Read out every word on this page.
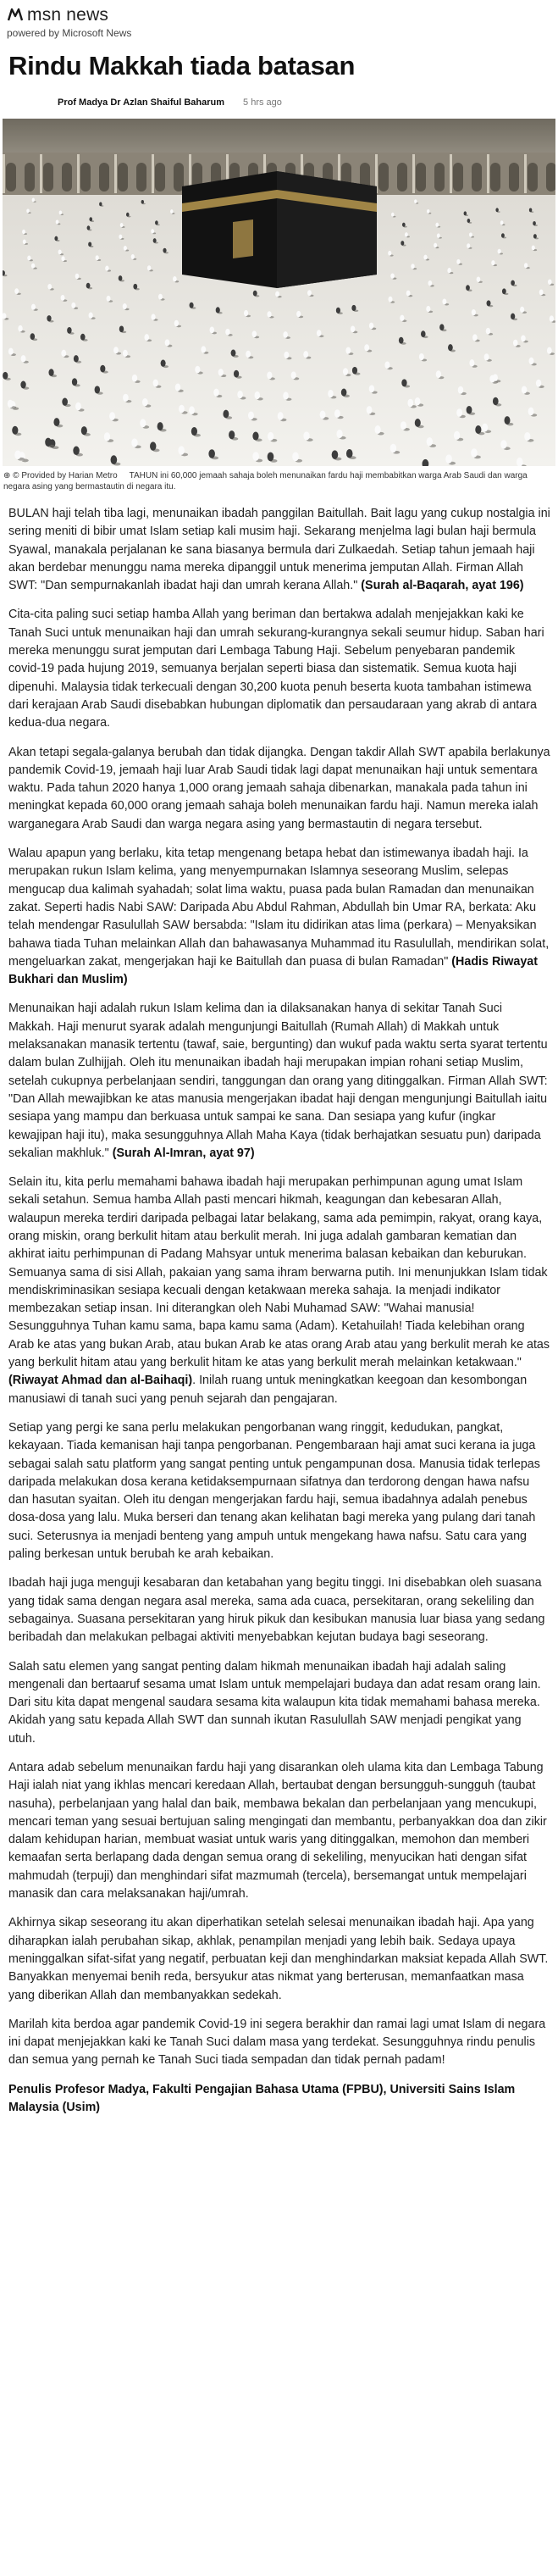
msn news
powered by Microsoft News
Rindu Makkah tiada batasan
Prof Madya Dr Azlan Shaiful Baharum 5 hrs ago
⊕ © Provided by Harian Metro TAHUN ini 60,000 jemaah sahaja boleh menunaikan fardu haji membabitkan warga Arab Saudi dan warga negara asing yang bermastautin di negara itu.

BULAN haji telah tiba lagi, menunaikan ibadah panggilan Baitullah. Bait lagu yang cukup nostalgia ini sering meniti di bibir umat Islam setiap kali musim haji. Sekarang menjelma lagi bulan haji bermula Syawal, manakala perjalanan ke sana biasanya bermula dari Zulkaedah. Setiap tahun jemaah haji akan berdebar menunggu nama mereka dipanggil untuk menerima jemputan Allah. Firman Allah SWT: "Dan sempurnakanlah ibadat haji dan umrah kerana Allah." (Surah al-Baqarah, ayat 196)

Cita-cita paling suci setiap hamba Allah yang beriman dan bertakwa adalah menjejakkan kaki ke Tanah Suci untuk menunaikan haji dan umrah sekurang-kurangnya sekali seumur hidup. Saban hari mereka menunggu surat jemputan dari Lembaga Tabung Haji. Sebelum penyebaran pandemik covid-19 pada hujung 2019, semuanya berjalan seperti biasa dan sistematik. Semua kuota haji dipenuhi. Malaysia tidak terkecuali dengan 30,200 kuota penuh beserta kuota tambahan istimewa dari kerajaan Arab Saudi disebabkan hubungan diplomatik dan persaudaraan yang akrab di antara kedua-dua negara.

Akan tetapi segala-galanya berubah dan tidak dijangka. Dengan takdir Allah SWT apabila berlakunya pandemik Covid-19, jemaah haji luar Arab Saudi tidak lagi dapat menunaikan haji untuk sementara waktu. Pada tahun 2020 hanya 1,000 orang jemaah sahaja dibenarkan, manakala pada tahun ini meningkat kepada 60,000 orang jemaah sahaja boleh menunaikan fardu haji. Namun mereka ialah warganegara Arab Saudi dan warga negara asing yang bermastautin di negara tersebut.

Walau apapun yang berlaku, kita tetap mengenang betapa hebat dan istimewanya ibadah haji. Ia merupakan rukun Islam kelima, yang menyempurnakan Islamnya seseorang Muslim, selepas mengucap dua kalimah syahadah; solat lima waktu, puasa pada bulan Ramadan dan menunaikan zakat. Seperti hadis Nabi SAW: Daripada Abu Abdul Rahman, Abdullah bin Umar RA, berkata: Aku telah mendengar Rasulullah SAW bersabda: "Islam itu didirikan atas lima (perkara) – Menyaksikan bahawa tiada Tuhan melainkan Allah dan bahawasanya Muhammad itu Rasulullah, mendirikan solat, mengeluarkan zakat, mengerjakan haji ke Baitullah dan puasa di bulan Ramadan" (Hadis Riwayat Bukhari dan Muslim)

Menunaikan haji adalah rukun Islam kelima dan ia dilaksanakan hanya di sekitar Tanah Suci Makkah. Haji menurut syarak adalah mengunjungi Baitullah (Rumah Allah) di Makkah untuk melaksanakan manasik tertentu (tawaf, saie, bergunting) dan wukuf pada waktu serta syarat tertentu dalam bulan Zulhijjah. Oleh itu menunaikan ibadah haji merupakan impian rohani setiap Muslim, setelah cukupnya perbelanjaan sendiri, tanggungan dan orang yang ditinggalkan. Firman Allah SWT: "Dan Allah mewajibkan ke atas manusia mengerjakan ibadat haji dengan mengunjungi Baitullah iaitu sesiapa yang mampu dan berkuasa untuk sampai ke sana. Dan sesiapa yang kufur (ingkar kewajipan haji itu), maka sesungguhnya Allah Maha Kaya (tidak berhajatkan sesuatu pun) daripada sekalian makhluk." (Surah Al-Imran, ayat 97)

Selain itu, kita perlu memahami bahawa ibadah haji merupakan perhimpunan agung umat Islam sekali setahun. Semua hamba Allah pasti mencari hikmah, keagungan dan kebesaran Allah, walaupun mereka terdiri daripada pelbagai latar belakang, sama ada pemimpin, rakyat, orang kaya, orang miskin, orang berkulit hitam atau berkulit merah. Ini juga adalah gambaran kematian dan akhirat iaitu perhimpunan di Padang Mahsyar untuk menerima balasan kebaikan dan keburukan. Semuanya sama di sisi Allah, pakaian yang sama ihram berwarna putih. Ini menunjukkan Islam tidak mendiskriminasikan sesiapa kecuali dengan ketakwaan mereka sahaja. Ia menjadi indikator membezakan setiap insan. Ini diterangkan oleh Nabi Muhamad SAW: "Wahai manusia! Sesungguhnya Tuhan kamu sama, bapa kamu sama (Adam). Ketahuilah! Tiada kelebihan orang Arab ke atas yang bukan Arab, atau bukan Arab ke atas orang Arab atau yang berkulit merah ke atas yang berkulit hitam atau yang berkulit hitam ke atas yang berkulit merah melainkan ketakwaan." (Riwayat Ahmad dan al-Baihaqi). Inilah ruang untuk meningkatkan keegoan dan kesombongan manusiawi di tanah suci yang penuh sejarah dan pengajaran.

Setiap yang pergi ke sana perlu melakukan pengorbanan wang ringgit, kedudukan, pangkat, kekayaan. Tiada kemanisan haji tanpa pengorbanan. Pengembaraan haji amat suci kerana ia juga sebagai salah satu platform yang sangat penting untuk pengampunan dosa. Manusia tidak terlepas daripada melakukan dosa kerana ketidaksempurnaan sifatnya dan terdorong dengan hawa nafsu dan hasutan syaitan. Oleh itu dengan mengerjakan fardu haji, semua ibadahnya adalah penebus dosa-dosa yang lalu. Muka berseri dan tenang akan kelihatan bagi mereka yang pulang dari tanah suci. Seterusnya ia menjadi benteng yang ampuh untuk mengekang hawa nafsu. Satu cara yang paling berkesan untuk berubah ke arah kebaikan.

Ibadah haji juga menguji kesabaran dan ketabahan yang begitu tinggi. Ini disebabkan oleh suasana yang tidak sama dengan negara asal mereka, sama ada cuaca, persekitaran, orang sekeliling dan sebagainya. Suasana persekitaran yang hiruk pikuk dan kesibukan manusia luar biasa yang sedang beribadah dan melakukan pelbagai aktiviti menyebabkan kejutan budaya bagi seseorang.

Salah satu elemen yang sangat penting dalam hikmah menunaikan ibadah haji adalah saling mengenali dan bertaaruf sesama umat Islam untuk mempelajari budaya dan adat resam orang lain. Dari situ kita dapat mengenal saudara sesama kita walaupun kita tidak memahami bahasa mereka. Akidah yang satu kepada Allah SWT dan sunnah ikutan Rasulullah SAW menjadi pengikat yang utuh.

Antara adab sebelum menunaikan fardu haji yang disarankan oleh ulama kita dan Lembaga Tabung Haji ialah niat yang ikhlas mencari keredaan Allah, bertaubat dengan bersungguh-sungguh (taubat nasuha), perbelanjaan yang halal dan baik, membawa bekalan dan perbelanjaan yang mencukupi, mencari teman yang sesuai bertujuan saling mengingati dan membantu, perbanyakkan doa dan zikir dalam kehidupan harian, membuat wasiat untuk waris yang ditinggalkan, memohon dan memberi kemaafan serta berlapang dada dengan semua orang di sekeliling, menyucikan hati dengan sifat mahmudah (terpuji) dan menghindari sifat mazmumah (tercela), bersemangat untuk mempelajari manasik dan cara melaksanakan haji/umrah.

Akhirnya sikap seseorang itu akan diperhatikan setelah selesai menunaikan ibadah haji. Apa yang diharapkan ialah perubahan sikap, akhlak, penampilan menjadi yang lebih baik. Sedaya upaya meninggalkan sifat-sifat yang negatif, perbuatan keji dan menghindarkan maksiat kepada Allah SWT. Banyakkan menyemai benih reda, bersyukur atas nikmat yang berterusan, memanfaatkan masa yang diberikan Allah dan membanyakkan sedekah.

Marilah kita berdoa agar pandemik Covid-19 ini segera berakhir dan ramai lagi umat Islam di negara ini dapat menjejakkan kaki ke Tanah Suci dalam masa yang terdekat. Sesungguhnya rindu penulis dan semua yang pernah ke Tanah Suci tiada sempadan dan tidak pernah padam!

Penulis Profesor Madya, Fakulti Pengajian Bahasa Utama (FPBU), Universiti Sains Islam Malaysia (Usim)
